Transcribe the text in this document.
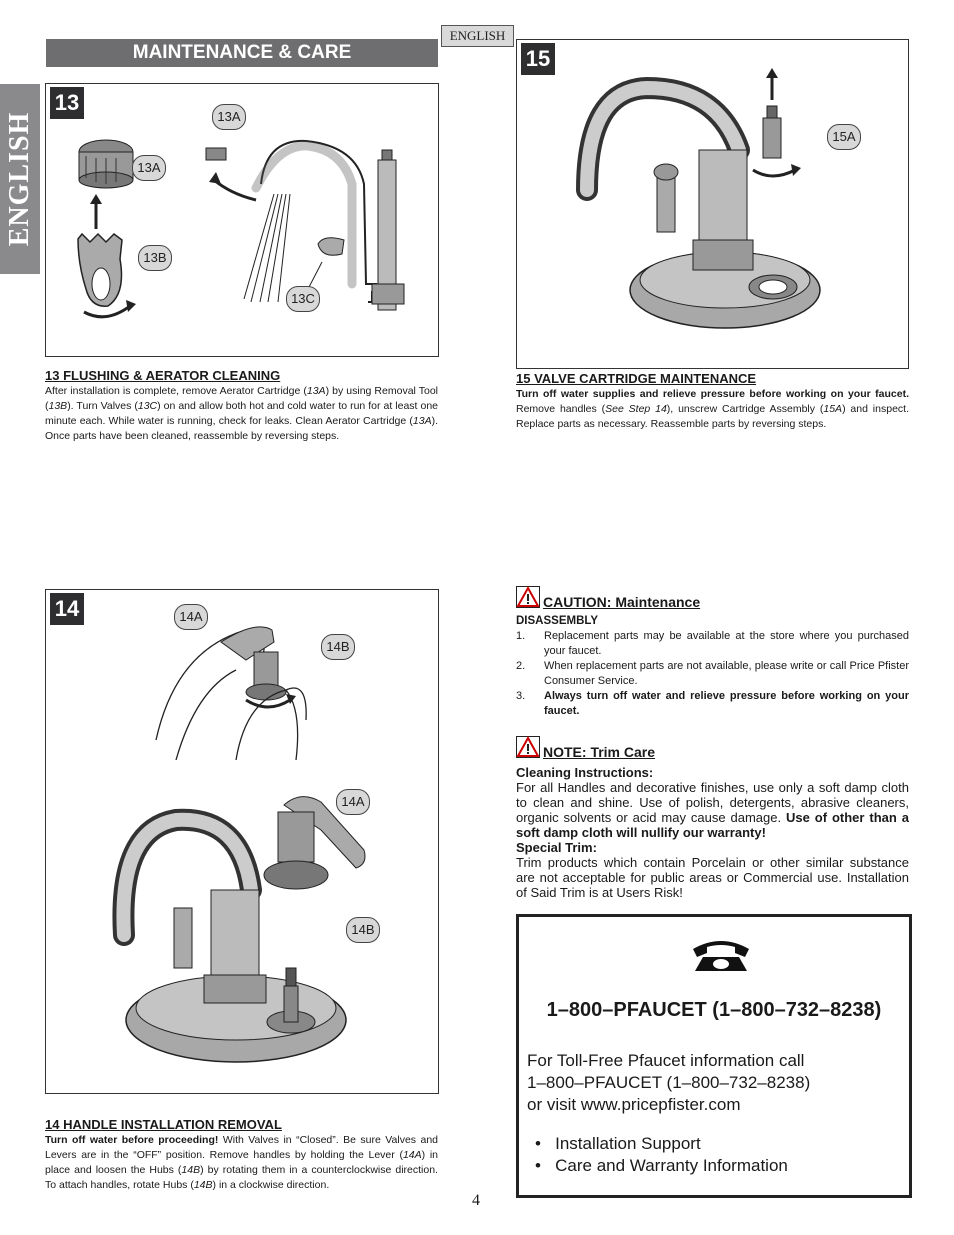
MAINTENANCE & CARE
ENGLISH
ENGLISH
13
13A
13A
13B
13C
13 FLUSHING & AERATOR CLEANING
After installation is complete, remove Aerator Cartridge (13A) by using Removal Tool (13B). Turn Valves (13C) on and allow both hot and cold water to run for at least one minute each. While water is running, check for leaks. Clean Aerator Cartridge (13A). Once parts have been cleaned, reassemble by reversing steps.
15
15A
15 VALVE CARTRIDGE MAINTENANCE
Turn off water supplies and relieve pressure before working on your faucet. Remove handles (See Step 14), unscrew Cartridge Assembly (15A) and inspect. Replace parts as necessary. Reassemble parts by reversing steps.
14	14A
14B
14A
14B
14 HANDLE INSTALLATION REMOVAL
Turn off water before proceeding! With Valves in “Closed”. Be sure Valves and Levers are in the “OFF” position. Remove handles by holding the Lever (14A) in place and loosen the Hubs (14B) by rotating them in a counterclockwise direction. To attach handles, rotate Hubs (14B) in a clockwise direction.
CAUTION: Maintenance
DISASSEMBLY
1. Replacement parts may be available at the store where you purchased your faucet.
2. When replacement parts are not available, please write or call Price Pfister Consumer Service.
3. Always turn off water and relieve pressure before working on your faucet.
NOTE: Trim Care
Cleaning Instructions:
For all Handles and decorative finishes, use only a soft damp cloth to clean and shine. Use of polish, detergents, abrasive cleaners, organic solvents or acid may cause damage. Use of other than a soft damp cloth will nullify our warranty!
Special Trim:
Trim products which contain Porcelain or other similar substance are not acceptable for public areas or Commercial use. Installation of Said Trim is at Users Risk!
1–800–PFAUCET (1–800–732–8238)
For Toll-Free Pfaucet information call
1–800–PFAUCET (1–800–732–8238)
or visit www.pricepfister.com
•   Installation Support
•   Care and Warranty Information
4
